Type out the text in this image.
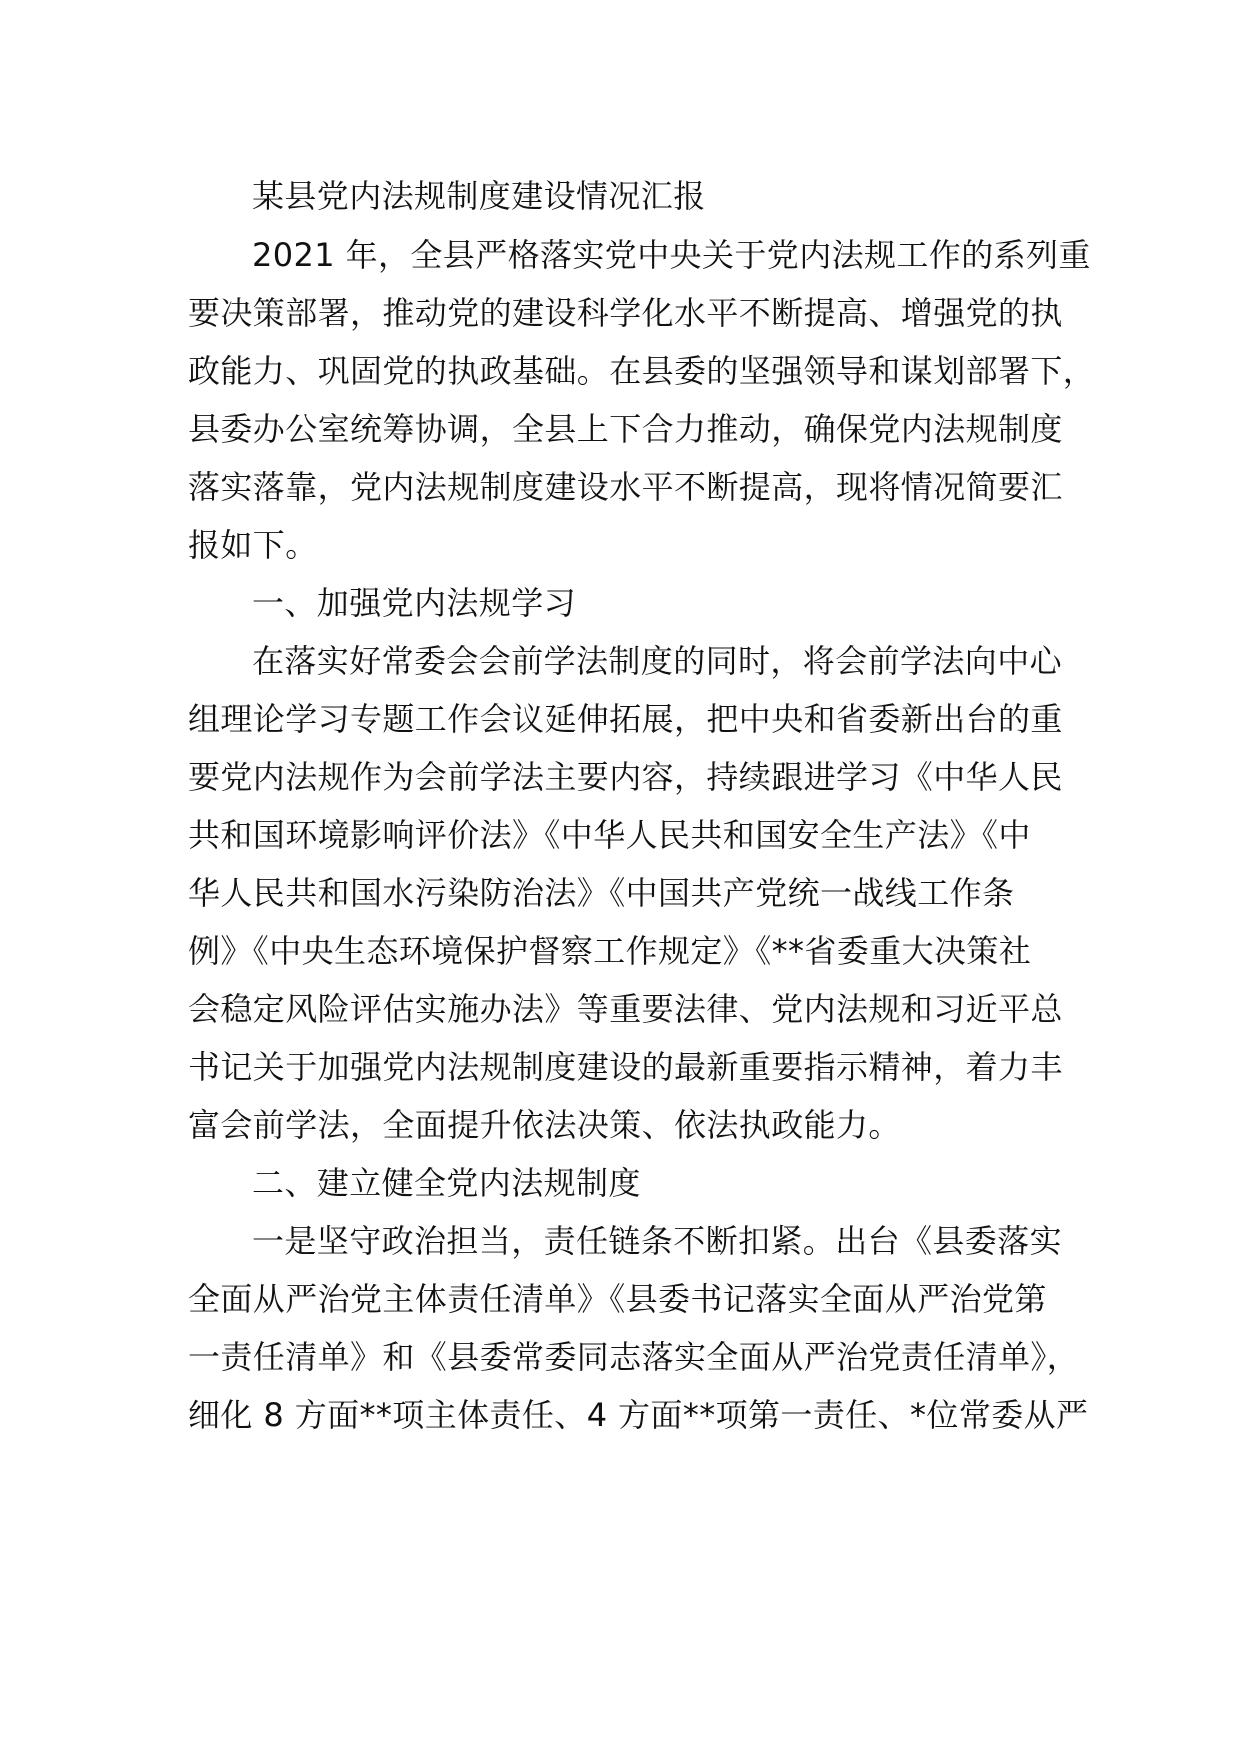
某县党内法规制度建设情况汇报
2021 年，全县严格落实党中央关于党内法规工作的系列重
要决策部署，推动党的建设科学化水平不断提高、增强党的执
政能力、巩固党的执政基础。在县委的坚强领导和谋划部署下，
县委办公室统筹协调，全县上下合力推动，确保党内法规制度
落实落靠，党内法规制度建设水平不断提高，现将情况简要汇
报如下。
一、加强党内法规学习
在落实好常委会会前学法制度的同时，将会前学法向中心
组理论学习专题工作会议延伸拓展，把中央和省委新出台的重
要党内法规作为会前学法主要内容，持续跟进学习《中华人民
共和国环境影响评价法》《中华人民共和国安全生产法》《中
华人民共和国水污染防治法》《中国共产党统一战线工作条
例》《中央生态环境保护督察工作规定》《**省委重大决策社
会稳定风险评估实施办法》等重要法律、党内法规和习近平总
书记关于加强党内法规制度建设的最新重要指示精神，着力丰
富会前学法，全面提升依法决策、依法执政能力。
二、建立健全党内法规制度
一是坚守政治担当，责任链条不断扣紧。出台《县委落实
全面从严治党主体责任清单》《县委书记落实全面从严治党第
一责任清单》和《县委常委同志落实全面从严治党责任清单》，
细化 8 方面**项主体责任、4 方面**项第一责任、*位常委从严
